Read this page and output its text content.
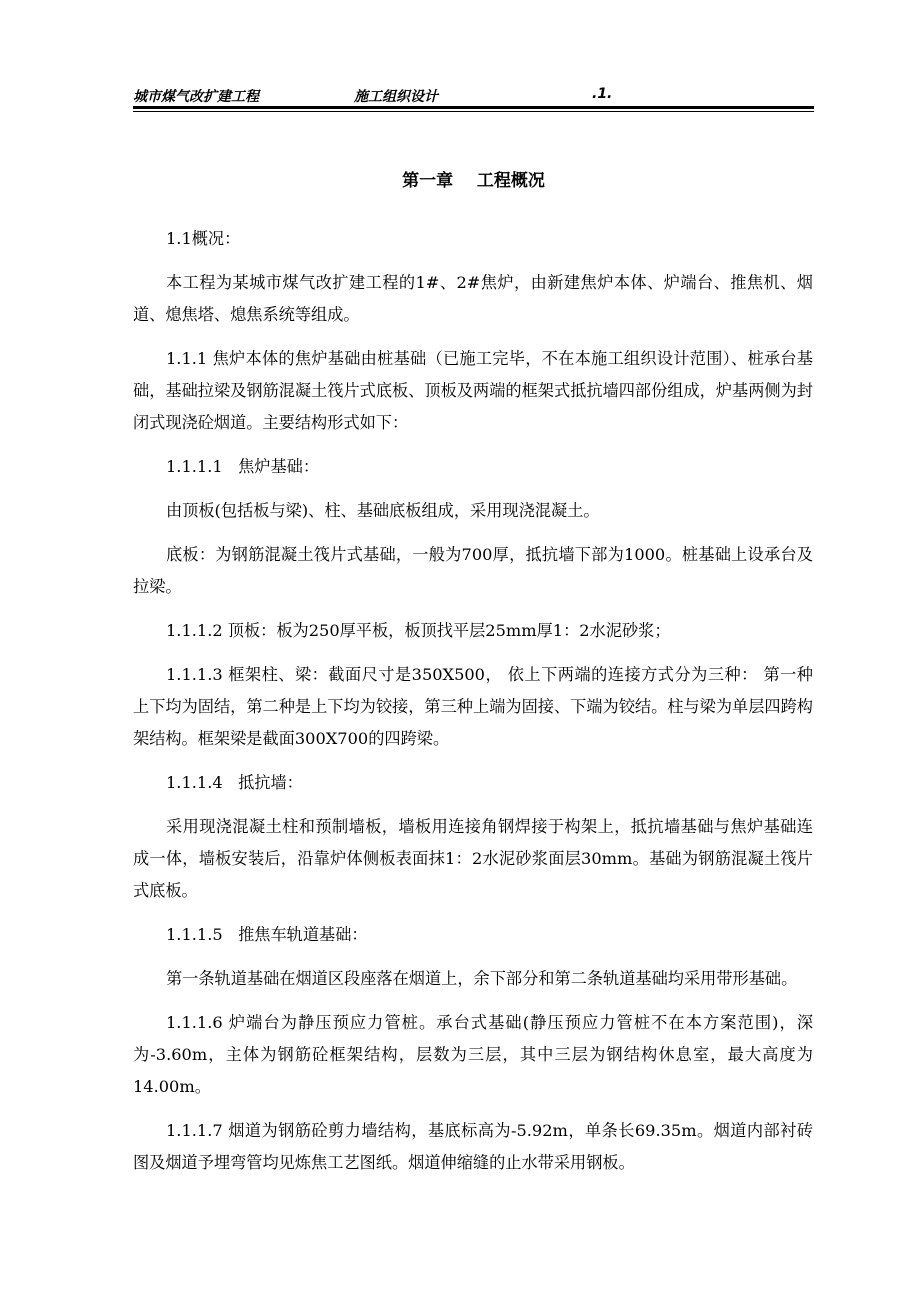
城市煤气改扩建工程	施工组织设计	.1.
第一章    工程概况

1.1概况：

本工程为某城市煤气改扩建工程的1#、2#焦炉，由新建焦炉本体、炉端台、推焦机、烟道、熄焦塔、熄焦系统等组成。

1.1.1 焦炉本体的焦炉基础由桩基础（已施工完毕，不在本施工组织设计范围）、桩承台基础，基础拉梁及钢筋混凝土筏片式底板、顶板及两端的框架式抵抗墙四部份组成，炉基两侧为封闭式现浇砼烟道。主要结构形式如下：

1.1.1.1   焦炉基础：

由顶板(包括板与梁)、柱、基础底板组成，采用现浇混凝土。

底板：为钢筋混凝土筏片式基础，一般为700厚，抵抗墙下部为1000。桩基础上设承台及拉梁。

1.1.1.2 顶板：板为250厚平板，板顶找平层25mm厚1：2水泥砂浆；

1.1.1.3 框架柱、梁：截面尺寸是350X500， 依上下两端的连接方式分为三种： 第一种上下均为固结，第二种是上下均为铰接，第三种上端为固接、下端为铰结。柱与梁为单层四跨构架结构。框架梁是截面300X700的四跨梁。

1.1.1.4   抵抗墙：

采用现浇混凝土柱和预制墙板，墙板用连接角钢焊接于构架上，抵抗墙基础与焦炉基础连成一体，墙板安装后，沿靠炉体侧板表面抹1：2水泥砂浆面层30mm。基础为钢筋混凝土筏片式底板。

1.1.1.5   推焦车轨道基础：

第一条轨道基础在烟道区段座落在烟道上，余下部分和第二条轨道基础均采用带形基础。

1.1.1.6 炉端台为静压预应力管桩。承台式基础(静压预应力管桩不在本方案范围)，深为-3.60m，主体为钢筋砼框架结构，层数为三层，其中三层为钢结构休息室，最大高度为14.00m。

1.1.1.7 烟道为钢筋砼剪力墙结构，基底标高为-5.92m，单条长69.35m。烟道内部衬砖图及烟道予埋弯管均见炼焦工艺图纸。烟道伸缩缝的止水带采用钢板。
